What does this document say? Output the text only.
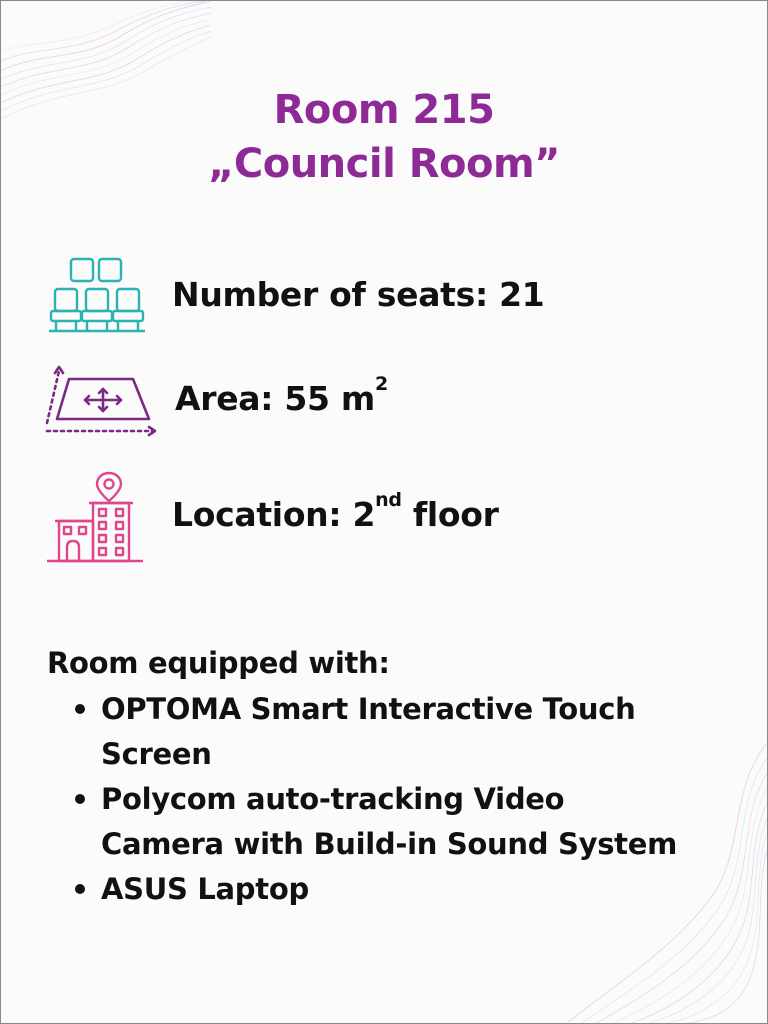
Room 215
„Council Room”
Number of seats: 21
Area: 55 $m^2$
Location: 2nd floor
Room equipped with:
OPTOMA Smart Interactive Touch
Screen
Polycom auto-tracking Video
Camera with Build-in Sound System
ASUS Laptop
